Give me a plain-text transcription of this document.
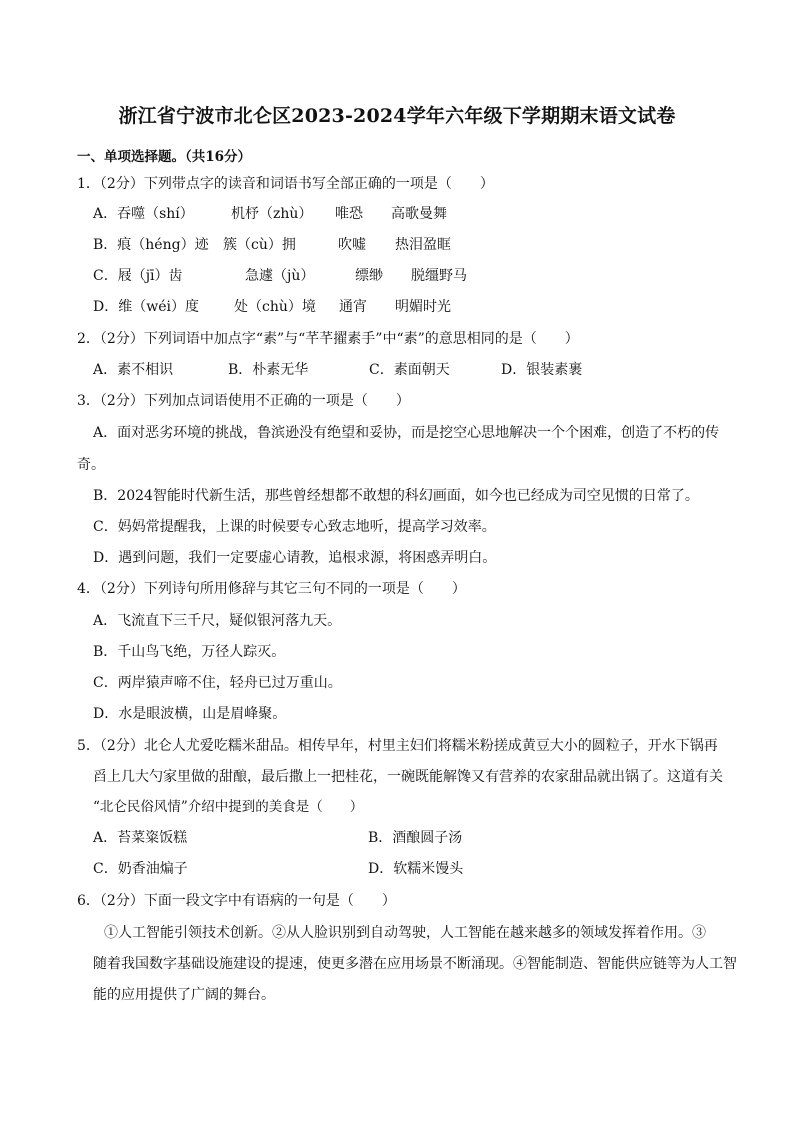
浙江省宁波市北仑区2023-2024学年六年级下学期期末语文试卷
一、单项选择题。（共16分）
1．（2分）下列带点字的读音和词语书写全部正确的一项是（　　）
A．吞噬（shí）	机杼（zhù） 唯恐 高歌曼舞
B．痕（héng）迹 簇（cù）拥	吹嘘 热泪盈眶
C．屐（jī）齿	急遽（jù）	缥缈 脱缰野马
D．维（wéi）度	处（chù）境 通宵 明媚时光
2．（2分）下列词语中加点字“素”与“芊芊擢素手”中“素”的意思相同的是（　　）
A．素不相识	B．朴素无华	C．素面朝天	D．银装素裹
3．（2分）下列加点词语使用不正确的一项是（　　）
A．面对恶劣环境的挑战，鲁滨逊没有绝望和妥协，而是挖空心思地解决一个个困难，创造了不朽的传
奇。
B．2024智能时代新生活，那些曾经想都不敢想的科幻画面，如今也已经成为司空见惯的日常了。
C．妈妈常提醒我，上课的时候要专心致志地听，提高学习效率。
D．遇到问题，我们一定要虚心请教，追根求源，将困惑弄明白。
4．（2分）下列诗句所用修辞与其它三句不同的一项是（　　）
A．飞流直下三千尺，疑似银河落九天。
B．千山鸟飞绝，万径人踪灭。
C．两岸猿声啼不住，轻舟已过万重山。
D．水是眼波横，山是眉峰聚。
5．（2分）北仑人尤爱吃糯米甜品。相传早年，村里主妇们将糯米粉搓成黄豆大小的圆粒子，开水下锅再
舀上几大勺家里做的甜酿，最后撒上一把桂花，一碗既能解馋又有营养的农家甜品就出锅了。这道有关
“北仑民俗风情”介绍中提到的美食是（　　）
A．苔菜粢饭糕	B．酒酿圆子汤
C．奶香油煸子	D．软糯米馒头
6．（2分）下面一段文字中有语病的一句是（　　）
①人工智能引领技术创新。②从人脸识别到自动驾驶，人工智能在越来越多的领域发挥着作用。③
随着我国数字基础设施建设的提速，使更多潜在应用场景不断涌现。④智能制造、智能供应链等为人工智
能的应用提供了广阔的舞台。
